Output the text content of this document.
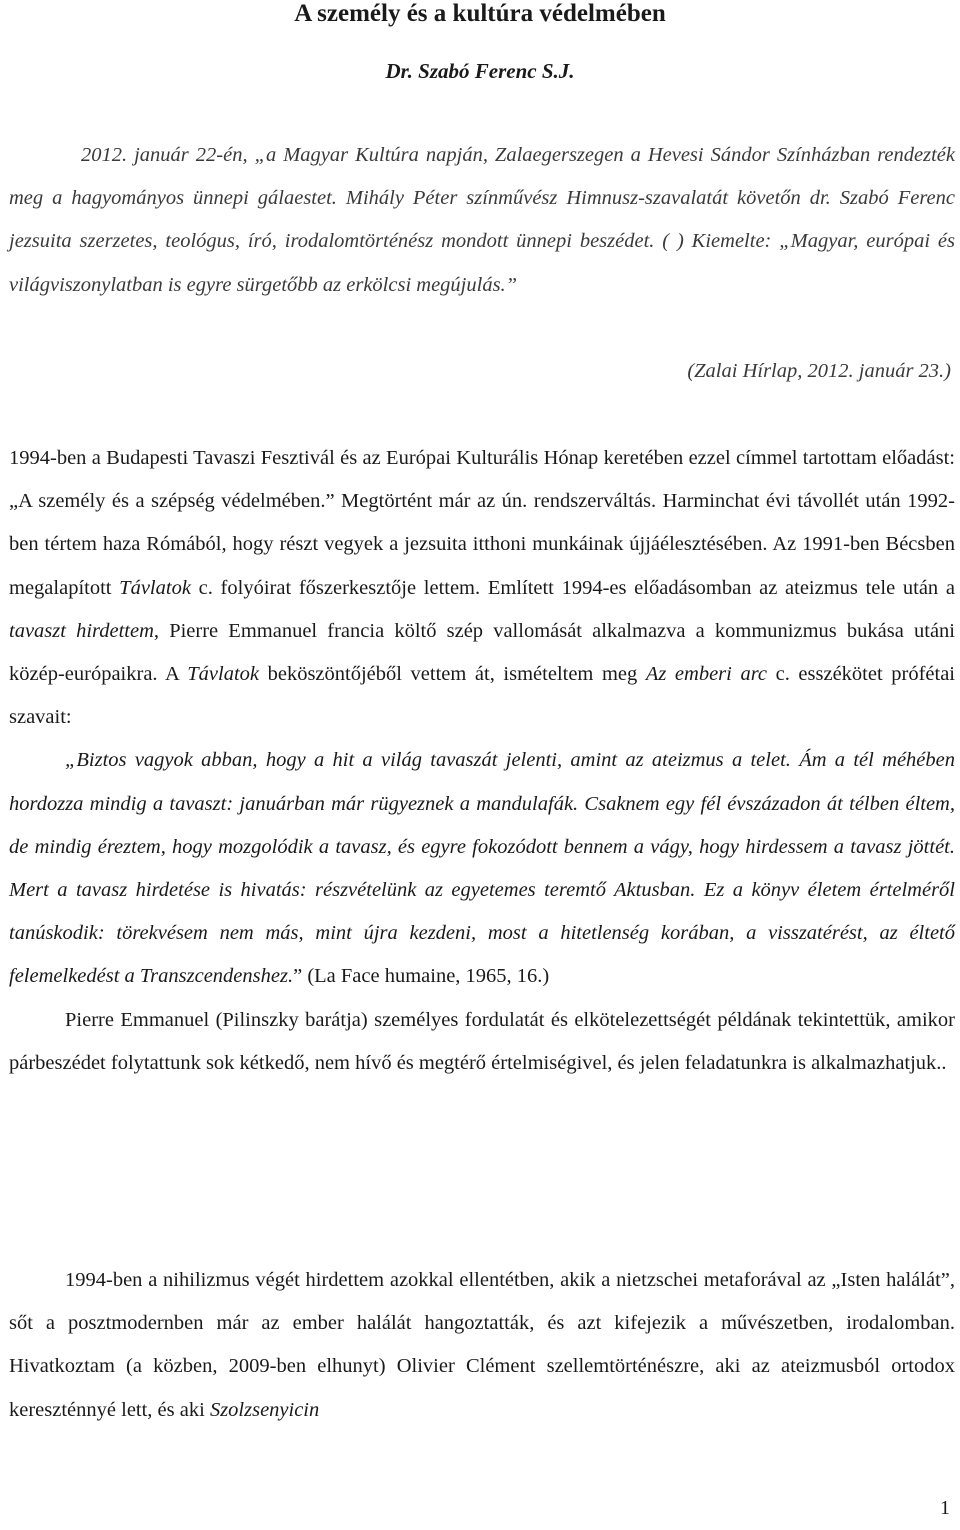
A személy és a kultúra védelmében
Dr. Szabó Ferenc S.J.

2012. január 22-én, „a Magyar Kultúra napján, Zalaegerszegen a Hevesi Sándor Színházban rendezték meg a hagyományos ünnepi gálaestet. Mihály Péter színművész Himnusz-szavalatát követőn dr. Szabó Ferenc jezsuita szerzetes, teológus, író, irodalomtörténész mondott ünnepi beszédet. ( ) Kiemelte: „Magyar, európai és világviszonylatban is egyre sürgetőbb az erkölcsi megújulás.”

(Zalai Hírlap, 2012. január 23.)

1994-ben a Budapesti Tavaszi Fesztivál és az Európai Kulturális Hónap keretében ezzel címmel tartottam előadást: „A személy és a szépség védelmében.” Megtörtént már az ún. rendszerváltás. Harminchat évi távollét után 1992-ben tértem haza Rómából, hogy részt vegyek a jezsuita itthoni munkáinak újjáélesztésében. Az 1991-ben Bécsben megalapított Távlatok c. folyóirat főszerkesztője lettem. Említett 1994-es előadásomban az ateizmus tele után a tavaszt hirdettem, Pierre Emmanuel francia költő szép vallomását alkalmazva a kommunizmus bukása utáni közép-európaikra. A Távlatok beköszöntőjéből vettem át, ismételtem meg Az emberi arc c. esszékötet prófétai szavait:
„Biztos vagyok abban, hogy a hit a világ tavaszát jelenti, amint az ateizmus a telet. Ám a tél méhében hordozza mindig a tavaszt: januárban már rügyeznek a mandulafák. Csaknem egy fél évszázadon át télben éltem, de mindig éreztem, hogy mozgolódik a tavasz, és egyre fokozódott bennem a vágy, hogy hirdessem a tavasz jöttét. Mert a tavasz hirdetése is hivatás: részvételünk az egyetemes teremtő Aktusban. Ez a könyv életem értelméről tanúskodik: törekvésem nem más, mint újra kezdeni, most a hitetlenség korában, a visszatérést, az éltető felemelkedést a Transzcendenshez.” (La Face humaine, 1965, 16.)
Pierre Emmanuel (Pilinszky barátja) személyes fordulatát és elkötelezettségét példának tekintettük, amikor párbeszédet folytattunk sok kétkedő, nem hívő és megtérő értelmiségivel, és jelen feladatunkra is alkalmazhatjuk..

1994-ben a nihilizmus végét hirdettem azokkal ellentétben, akik a nietzschei metaforával az „Isten halálát”, sőt a posztmodernben már az ember halálát hangoztatták, és azt kifejezik a művészetben, irodalomban. Hivatkoztam (a közben, 2009-ben elhunyt) Olivier Clément szellemtörténészre, aki az ateizmusból ortodox kereszténnyé lett, és aki Szolzsenyicin

1
